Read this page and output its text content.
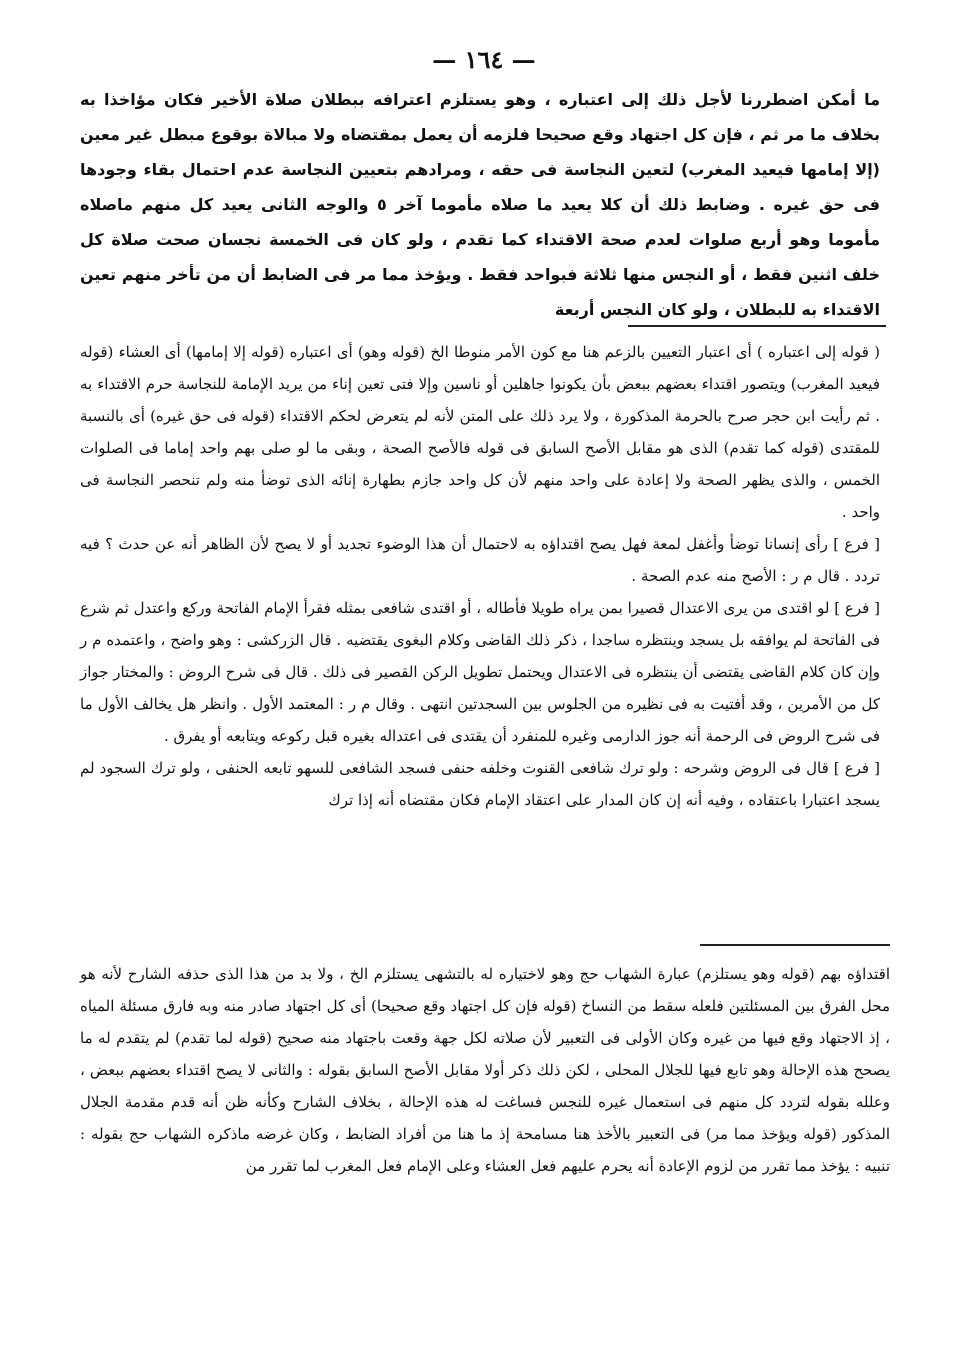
— ١٦٤ —

ما أمكن اضطررنا لأجل ذلك إلى اعتباره ، وهو يستلزم اعترافه ببطلان صلاة الأخير فكان مؤاخذا به بخلاف ما مر ثم ، فإن كل اجتهاد وقع صحيحا فلزمه أن يعمل بمقتضاه ولا مبالاة بوقوع مبطل غير معين (إلا إمامها فيعيد المغرب) لتعين النجاسة فى حقه ، ومرادهم بتعيين النجاسة عدم احتمال بقاء وجودها فى حق غيره . وضابط ذلك أن كلا يعيد ما صلاه مأموما آخر ٥ والوجه الثانى يعيد كل منهم ماصلاه مأموما وهو أربع صلوات لعدم صحة الاقتداء كما تقدم ، ولو كان فى الخمسة نجسان صحت صلاة كل خلف اثنين فقط ، أو النجس منها ثلاثة فبواحد فقط . ويؤخذ مما مر فى الضابط أن من تأخر منهم تعين الاقتداء به للبطلان ، ولو كان النجس أربعة

( قوله إلى اعتباره ) أى اعتبار التعيين بالزعم هنا مع كون الأمر منوطا الخ (قوله وهو) أى اعتباره (قوله إلا إمامها) أى العشاء (قوله فيعيد المغرب) ويتصور اقتداء بعضهم ببعض بأن يكونوا جاهلين أو ناسين وإلا فتى تعين إناء من يريد الإمامة للنجاسة حرم الاقتداء به . ثم رأيت ابن حجر صرح بالحرمة المذكورة ، ولا يرد ذلك على المتن لأنه لم يتعرض لحكم الاقتداء (قوله فى حق غيره) أى بالنسبة للمقتدى (قوله كما تقدم) الذى هو مقابل الأصح السابق فى قوله فالأصح الصحة ، وبقى ما لو صلى بهم واحد إماما فى الصلوات الخمس ، والذى يظهر الصحة ولا إعادة على واحد منهم لأن كل واحد جازم بطهارة إنائه الذى توضأ منه ولم تنحصر النجاسة فى واحد .

[ فرع ] رأى إنسانا توضأ وأغفل لمعة فهل يصح اقتداؤه به لاحتمال أن هذا الوضوء تجديد أو لا يصح لأن الظاهر أنه عن حدث ؟ فيه تردد . قال م ر : الأصح منه عدم الصحة .

[ فرع ] لو اقتدى من يرى الاعتدال قصيرا بمن يراه طويلا فأطاله ، أو اقتدى شافعى بمثله فقرأ الإمام الفاتحة وركع واعتدل ثم شرع فى الفاتحة لم يوافقه بل يسجد وينتظره ساجدا ، ذكر ذلك القاضى وكلام البغوى يقتضيه . قال الزركشى : وهو واضح ، واعتمده م ر وإن كان كلام القاضى يقتضى أن ينتظره فى الاعتدال ويحتمل تطويل الركن القصير فى ذلك . قال فى شرح الروض : والمختار جواز كل من الأمرين ، وقد أفتيت به فى نظيره من الجلوس بين السجدتين انتهى . وقال م ر : المعتمد الأول . وانظر هل يخالف الأول ما فى شرح الروض فى الرحمة أنه جوز الدارمى وغيره للمنفرد أن يقتدى فى اعتداله بغيره قبل ركوعه ويتابعه أو يفرق .

[ فرع ] قال فى الروض وشرحه : ولو ترك شافعى القنوت وخلفه حنفى فسجد الشافعى للسهو تابعه الحنفى ، ولو ترك السجود لم يسجد اعتبارا باعتقاده ، وفيه أنه إن كان المدار على اعتقاد الإمام فكان مقتضاه أنه إذا ترك

اقتداؤه بهم (قوله وهو يستلزم) عبارة الشهاب حج وهو لاختياره له بالتشهى يستلزم الخ ، ولا بد من هذا الذى حذفه الشارح لأنه هو محل الفرق بين المسئلتين فلعله سقط من النساخ (قوله فإن كل اجتهاد وقع صحيحا) أى كل اجتهاد صادر منه وبه فارق مسئلة المياه ، إذ الاجتهاد وقع فيها من غيره وكان الأولى فى التعبير لأن صلاته لكل جهة وقعت باجتهاد منه صحيح (قوله لما تقدم) لم يتقدم له ما يصحح هذه الإحالة وهو تابع فيها للجلال المحلى ، لكن ذلك ذكر أولا مقابل الأصح السابق بقوله : والثانى لا يصح اقتداء بعضهم ببعض ، وعلله بقوله لتردد كل منهم فى استعمال غيره للنجس فساغت له هذه الإحالة ، بخلاف الشارح وكأنه ظن أنه قدم مقدمة الجلال المذكور (قوله ويؤخذ مما مر) فى التعبير بالأخذ هنا مسامحة إذ ما هنا من أفراد الضابط ، وكان غرضه ماذكره الشهاب حج بقوله : تنبيه : يؤخذ مما تقرر من لزوم الإعادة أنه يحرم عليهم فعل العشاء وعلى الإمام فعل المغرب لما تقرر من
